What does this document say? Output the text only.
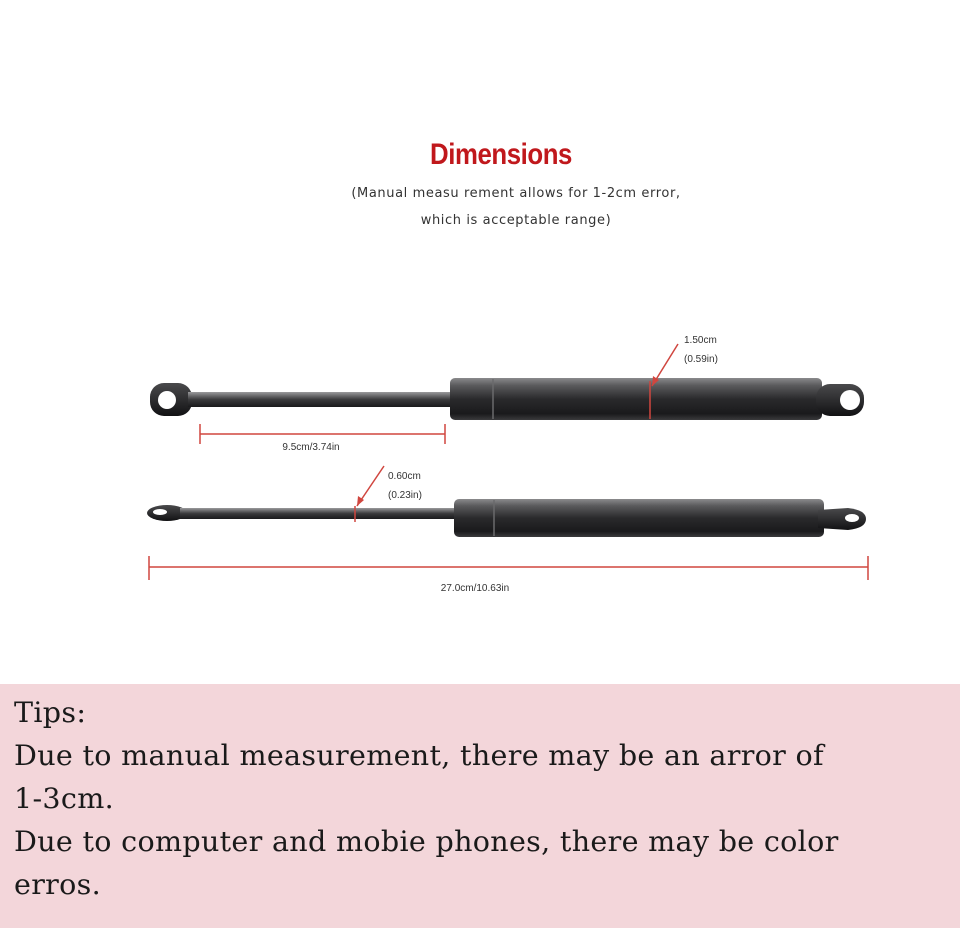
Dimensions
(Manual measu rement allows for 1-2cm error,
which is acceptable range)
1.50cm
(0.59in)
9.5cm/3.74in
0.60cm
(0.23in)
27.0cm/10.63in
Tips:
Due to manual measurement, there may be an arror of
1-3cm.
Due to computer and mobie phones, there may be color
erros.
